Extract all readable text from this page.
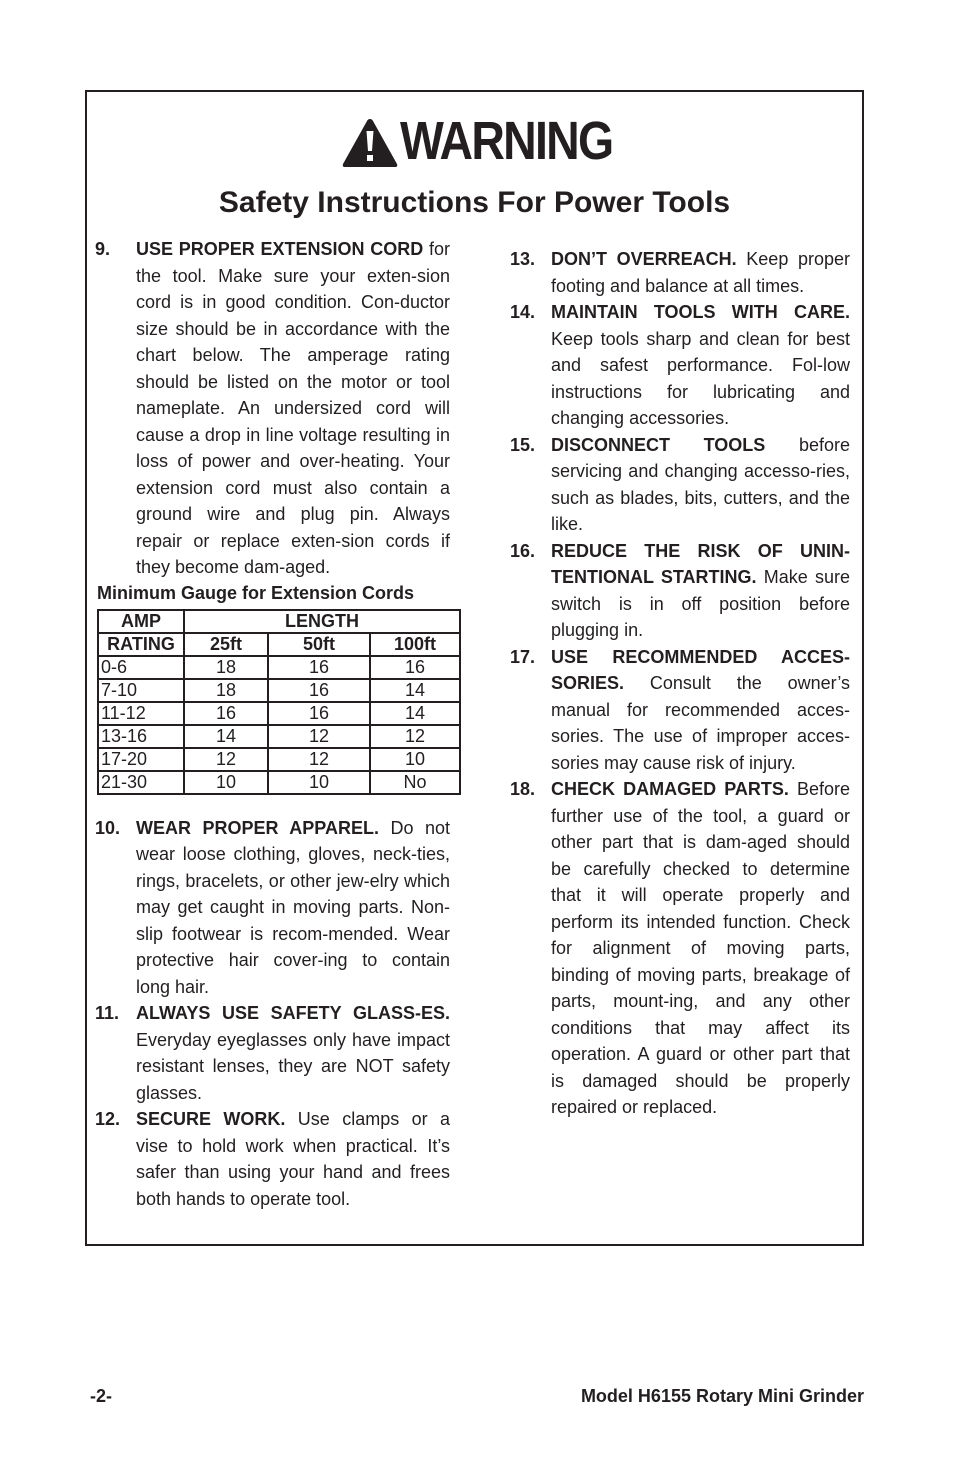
WARNING
Safety Instructions For Power Tools
9.	USE PROPER EXTENSION CORD for the tool. Make sure your exten-sion cord is in good condition. Con-ductor size should be in accordance with the chart below. The amperage rating should be listed on the motor or tool nameplate. An undersized cord will cause a drop in line voltage resulting in loss of power and over-heating. Your extension cord must also contain a ground wire and plug pin. Always repair or replace exten-sion cords if they become dam-aged.
Minimum Gauge for Extension Cords
AMP	LENGTH		
RATING	25ft	50ft	100ft
0-6	18	16	16
7-10	18	16	14
11-12	16	16	14
13-16	14	12	12
17-20	12	12	10
21-30	10	10	No
10. WEAR PROPER APPAREL. Do not wear loose clothing, gloves, neck-ties, rings, bracelets, or other jew-elry which may get caught in moving parts. Non-slip footwear is recom-mended. Wear protective hair cover-ing to contain long hair.
11. ALWAYS USE SAFETY GLASS-ES. Everyday eyeglasses only have impact resistant lenses, they are NOT safety glasses.
12. SECURE WORK. Use clamps or a vise to hold work when practical. It’s safer than using your hand and frees both hands to operate tool.
13. DON’T OVERREACH. Keep proper footing and balance at all times.
14. MAINTAIN TOOLS WITH CARE. Keep tools sharp and clean for best and safest performance. Fol-low instructions for lubricating and changing accessories.
15. DISCONNECT TOOLS before servicing and changing accesso-ries, such as blades, bits, cutters, and the like.
16. REDUCE THE RISK OF UNIN-TENTIONAL STARTING. Make sure switch is in off position before plugging in.
17. USE RECOMMENDED ACCES-SORIES. Consult the owner’s manual for recommended acces-sories. The use of improper acces-sories may cause risk of injury.
18. CHECK DAMAGED PARTS. Before further use of the tool, a guard or other part that is dam-aged should be carefully checked to determine that it will operate properly and perform its intended function. Check for alignment of moving parts, binding of moving parts, breakage of parts, mount-ing, and any other conditions that may affect its operation. A guard or other part that is damaged should be properly repaired or replaced.
-2-	Model H6155 Rotary Mini Grinder
